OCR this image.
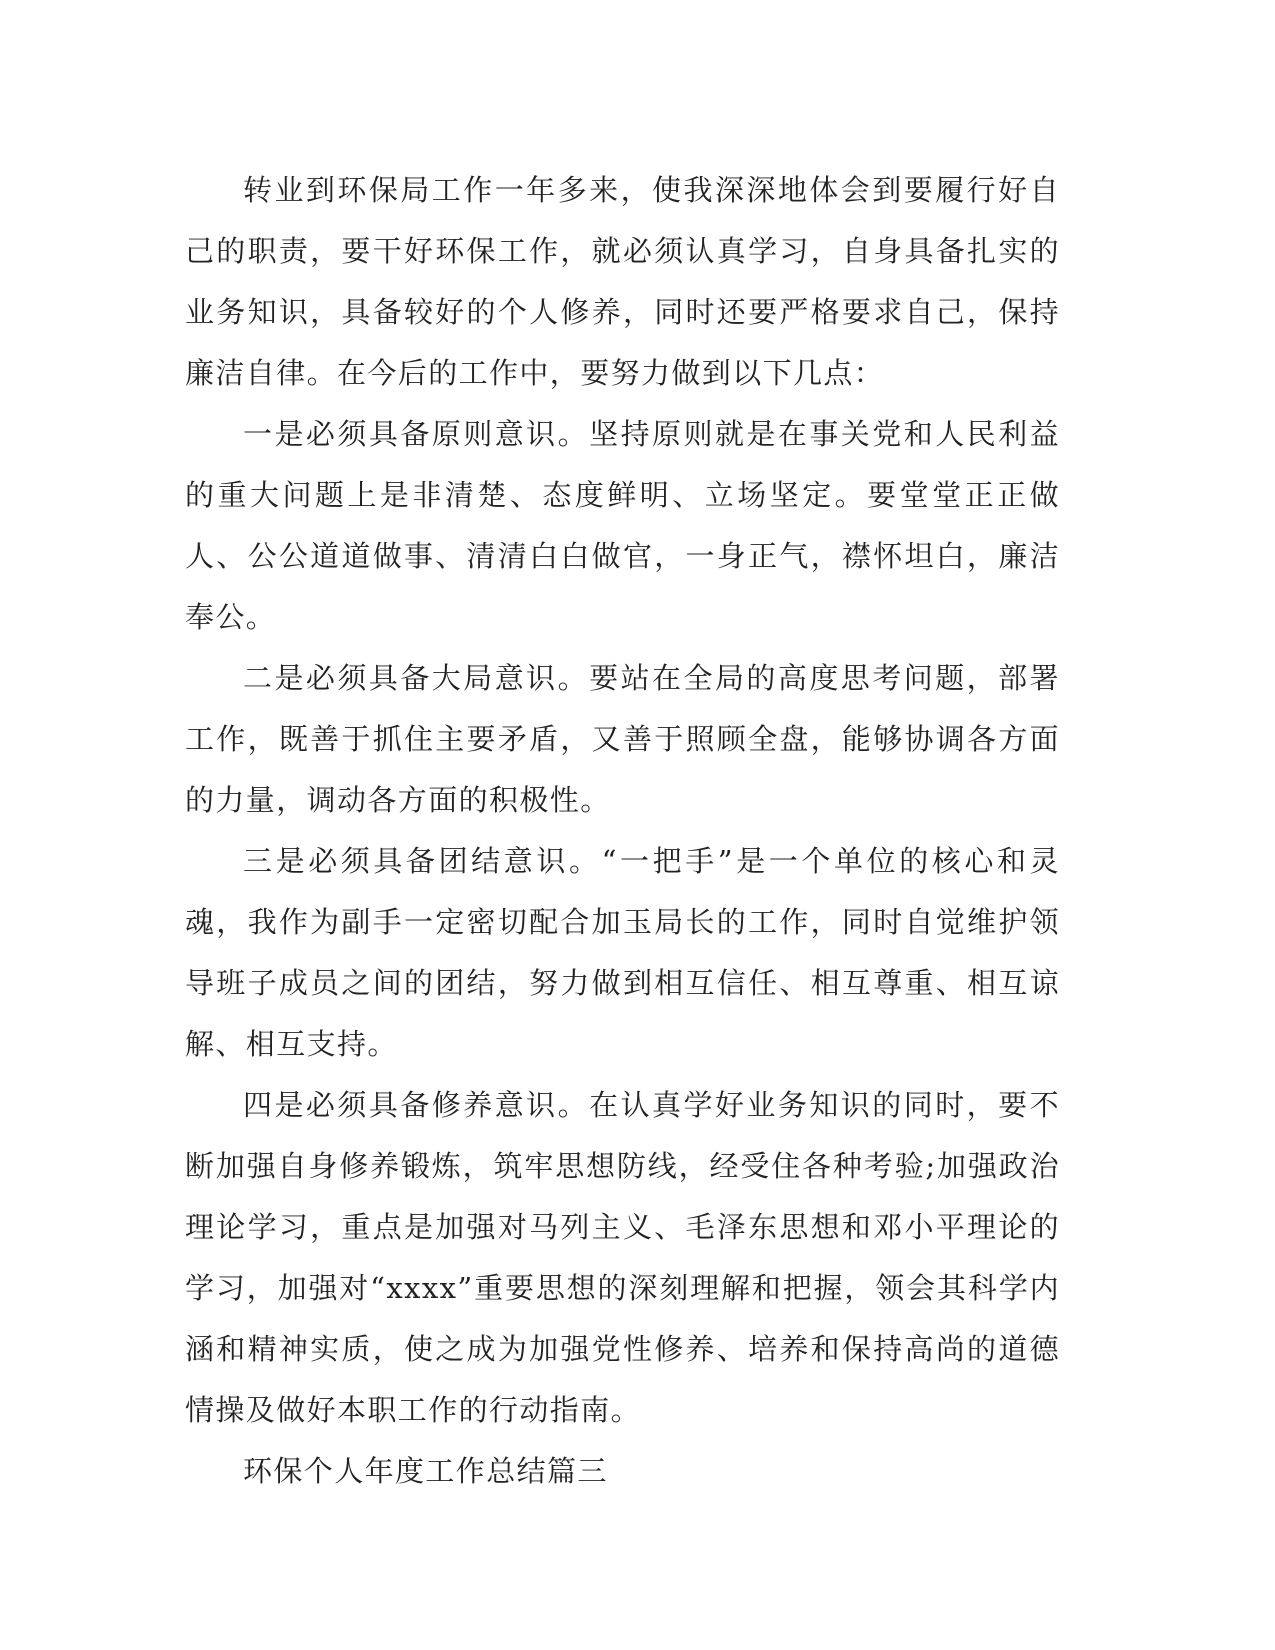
转业到环保局工作一年多来，使我深深地体会到要履行好自己的职责，要干好环保工作，就必须认真学习，自身具备扎实的业务知识，具备较好的个人修养，同时还要严格要求自己，保持廉洁自律。在今后的工作中，要努力做到以下几点：

一是必须具备原则意识。坚持原则就是在事关党和人民利益的重大问题上是非清楚、态度鲜明、立场坚定。要堂堂正正做人、公公道道做事、清清白白做官，一身正气，襟怀坦白，廉洁奉公。

二是必须具备大局意识。要站在全局的高度思考问题，部署工作，既善于抓住主要矛盾，又善于照顾全盘，能够协调各方面的力量，调动各方面的积极性。

三是必须具备团结意识。“一把手”是一个单位的核心和灵魂，我作为副手一定密切配合加玉局长的工作，同时自觉维护领导班子成员之间的团结，努力做到相互信任、相互尊重、相互谅解、相互支持。

四是必须具备修养意识。在认真学好业务知识的同时，要不断加强自身修养锻炼，筑牢思想防线，经受住各种考验;加强政治理论学习，重点是加强对马列主义、毛泽东思想和邓小平理论的学习，加强对“xxxx”重要思想的深刻理解和把握，领会其科学内涵和精神实质，使之成为加强党性修养、培养和保持高尚的道德情操及做好本职工作的行动指南。

环保个人年度工作总结篇三
